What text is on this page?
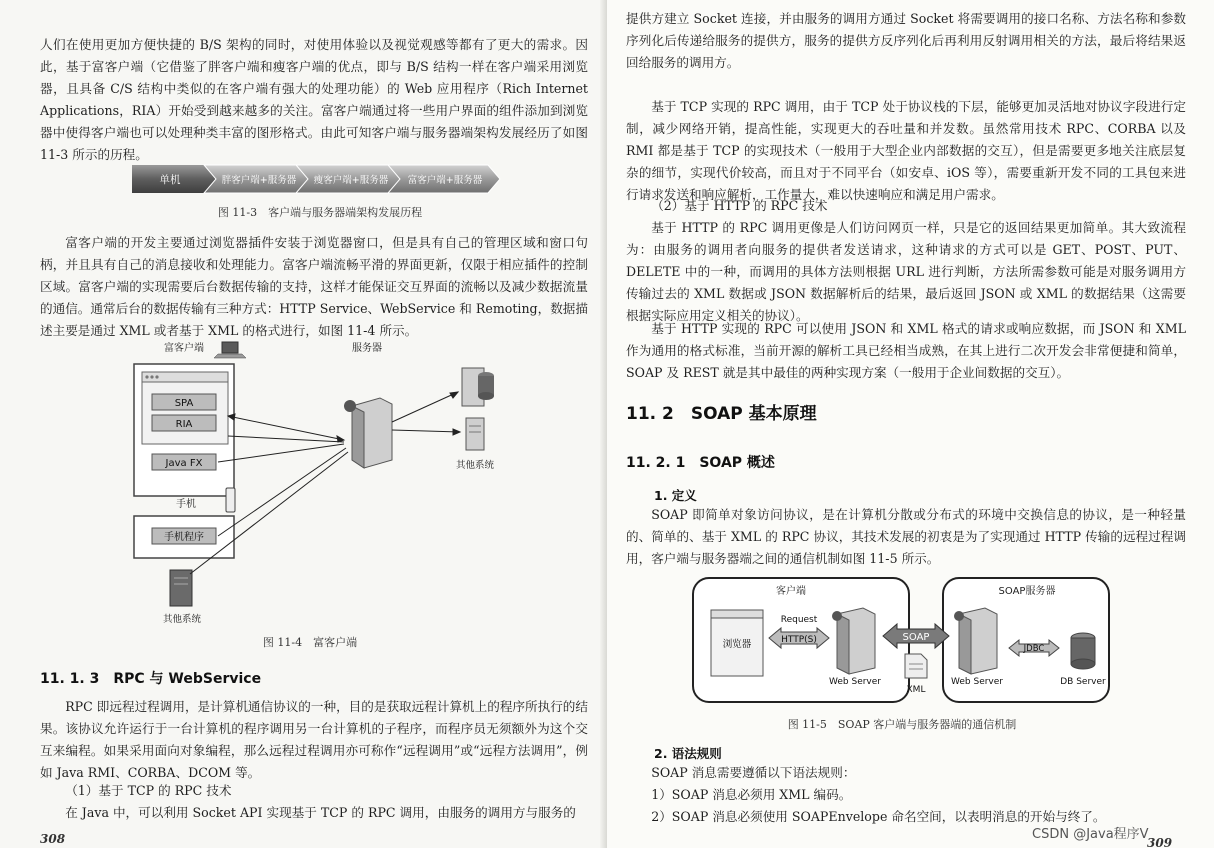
人们在使用更加方便快捷的 B/S 架构的同时，对使用体验以及视觉观感等都有了更大的需求。因此，基于富客户端（它借鉴了胖客户端和瘦客户端的优点，即与 B/S 结构一样在客户端采用浏览器，且具备 C/S 结构中类似的在客户端有强大的处理功能）的 Web 应用程序（Rich Internet Applications，RIA）开始受到越来越多的关注。富客户端通过将一些用户界面的组件添加到浏览器中使得客户端也可以处理种类丰富的图形格式。由此可知客户端与服务器端架构发展经历了如图 11-3 所示的历程。

单机	胖客户端+服务器 瘦客户端+服务器 富客户端+服务器
图 11-3　客户端与服务器端架构发展历程

富客户端的开发主要通过浏览器插件安装于浏览器窗口，但是具有自己的管理区域和窗口句柄，并且具有自己的消息接收和处理能力。富客户端流畅平滑的界面更新，仅限于相应插件的控制区域。富客户端的实现需要后台数据传输的支持，这样才能保证交互界面的流畅以及减少数据流量的通信。通常后台的数据传输有三种方式：HTTP Service、WebService 和 Remoting，数据描述主要是通过 XML 或者基于 XML 的格式进行，如图 11-4 所示。

富客户端	服务器
SPA
RIA
Java FX
手机
手机程序
其他系统
其他系统
图 11-4　富客户端
11. 1. 3　RPC 与 WebService

RPC 即远程过程调用，是计算机通信协议的一种，目的是获取远程计算机上的程序所执行的结果。该协议允许运行于一台计算机的程序调用另一台计算机的子程序，而程序员无须额外为这个交互来编程。如果采用面向对象编程，那么远程过程调用亦可称作“远程调用”或“远程方法调用”，例如 Java RMI、CORBA、DCOM 等。

（1）基于 TCP 的 RPC 技术

在 Java 中，可以利用 Socket API 实现基于 TCP 的 RPC 调用，由服务的调用方与服务的

308

提供方建立 Socket 连接，并由服务的调用方通过 Socket 将需要调用的接口名称、方法名称和参数序列化后传递给服务的提供方，服务的提供方反序列化后再利用反射调用相关的方法，最后将结果返回给服务的调用方。

基于 TCP 实现的 RPC 调用，由于 TCP 处于协议栈的下层，能够更加灵活地对协议字段进行定制，减少网络开销，提高性能，实现更大的吞吐量和并发数。虽然常用技术 RPC、CORBA 以及 RMI 都是基于 TCP 的实现技术（一般用于大型企业内部数据的交互），但是需要更多地关注底层复杂的细节，实现代价较高，而且对于不同平台（如安卓、iOS 等），需要重新开发不同的工具包来进行请求发送和响应解析，工作量大，难以快速响应和满足用户需求。

（2）基于 HTTP 的 RPC 技术

基于 HTTP 的 RPC 调用更像是人们访问网页一样，只是它的返回结果更加简单。其大致流程为：由服务的调用者向服务的提供者发送请求，这种请求的方式可以是 GET、POST、PUT、DELETE 中的一种，而调用的具体方法则根据 URL 进行判断，方法所需参数可能是对服务调用方传输过去的 XML 数据或 JSON 数据解析后的结果，最后返回 JSON 或 XML 的数据结果（这需要根据实际应用定义相关的协议）。

基于 HTTP 实现的 RPC 可以使用 JSON 和 XML 格式的请求或响应数据，而 JSON 和 XML 作为通用的格式标准，当前开源的解析工具已经相当成熟，在其上进行二次开发会非常便捷和简单，SOAP 及 REST 就是其中最佳的两种实现方案（一般用于企业间数据的交互）。

11. 2　SOAP 基本原理
11. 2. 1　SOAP 概述
1. 定义

SOAP 即简单对象访问协议，是在计算机分散或分布式的环境中交换信息的协议，是一种轻量的、简单的、基于 XML 的 RPC 协议，其技术发展的初衷是为了实现通过 HTTP 传输的远程过程调用，客户端与服务器端之间的通信机制如图 11-5 所示。

客户端	SOAP服务器
浏览器
Request
HTTP(S)
Web Server
SOAP
XML
Web Server
JDBC
DB Server
图 11-5　SOAP 客户端与服务器端的通信机制
2. 语法规则

SOAP 消息需要遵循以下语法规则：

1）SOAP 消息必须用 XML 编码。

2）SOAP 消息必须使用 SOAPEnvelope 命名空间，以表明消息的开始与终了。

CSDN @Java程序V
309
